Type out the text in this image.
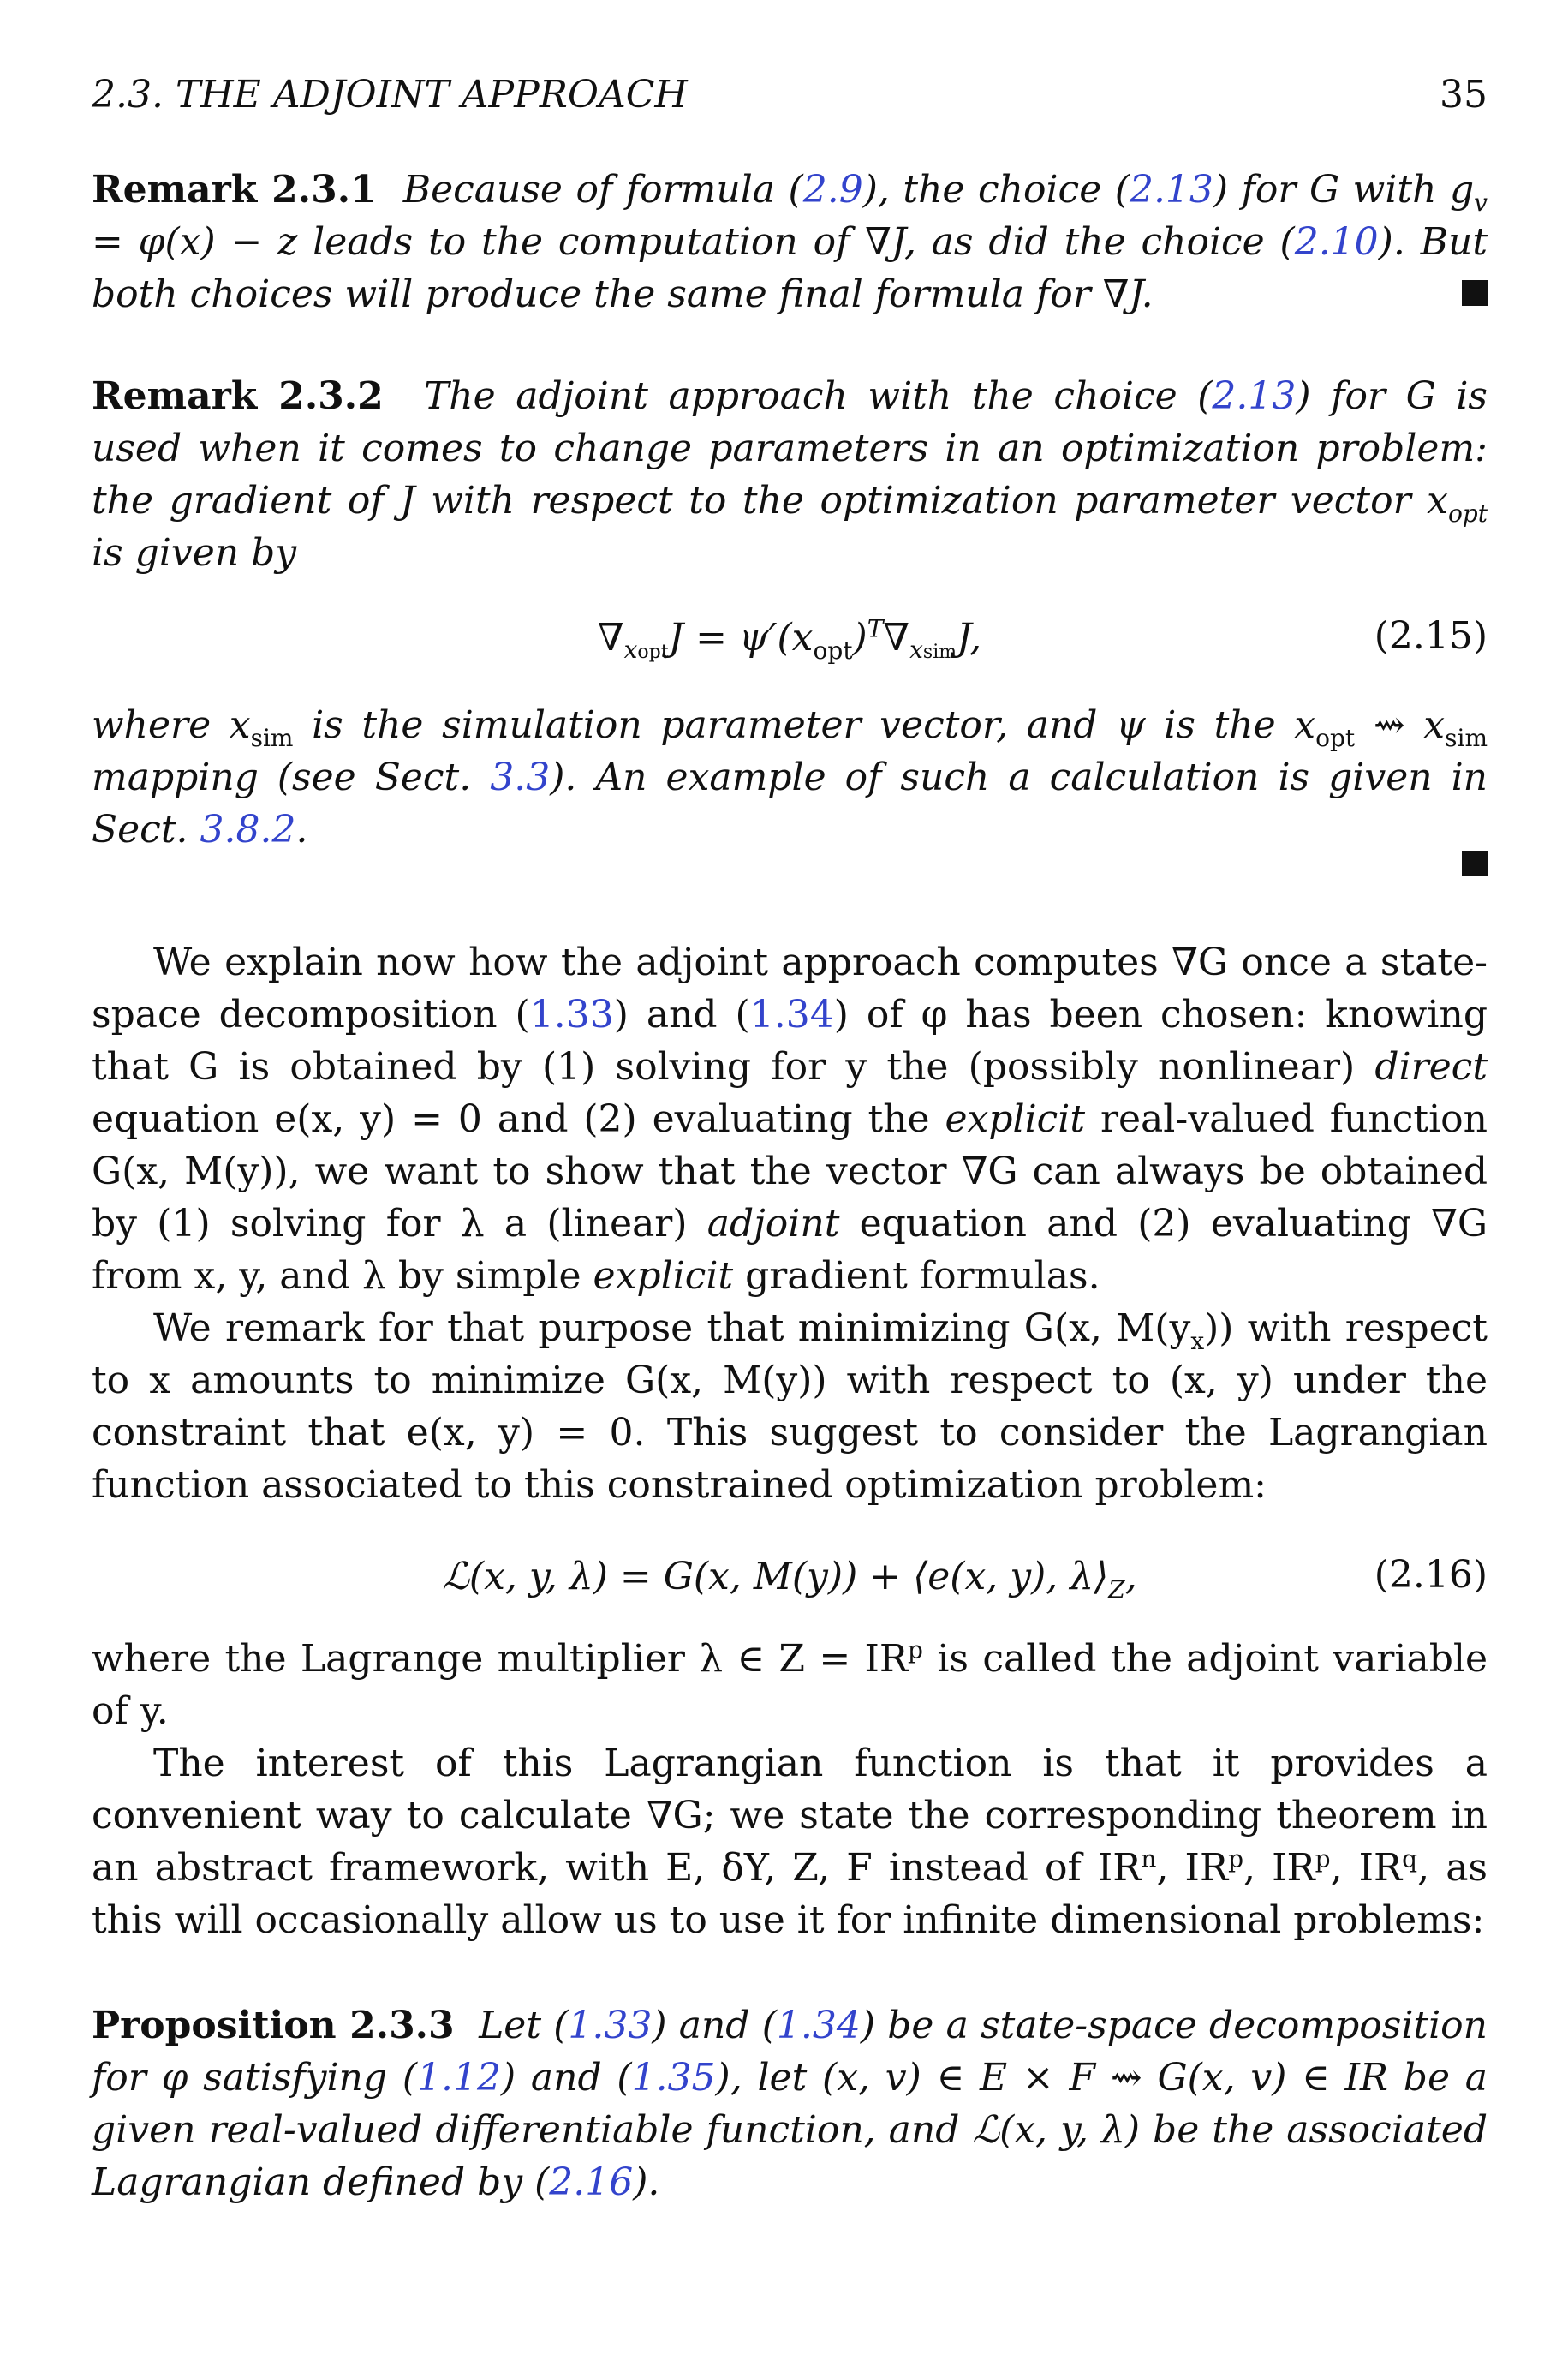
2.3. THE ADJOINT APPROACH	35
Remark 2.3.1 Because of formula (2.9), the choice (2.13) for G with $g_v = \varphi(x) - z$ leads to the computation of ∇J, as did the choice (2.10). But both choices will produce the same final formula for ∇J.
Remark 2.3.2 The adjoint approach with the choice (2.13) for G is used when it comes to change parameters in an optimization problem: the gradient of J with respect to the optimization parameter vector $x_{opt}$ is given by
$\nabla_{xopt}J = \psi'(x_{opt})^T\nabla_{xsim}J$,	(2.15)
where $x_{sim}$ is the simulation parameter vector, and ψ is the $x_{opt}$ ⇝ $x_{sim}$ mapping (see Sect. 3.3). An example of such a calculation is given in Sect. 3.8.2.

We explain now how the adjoint approach computes ∇G once a state-space decomposition (1.33) and (1.34) of φ has been chosen: knowing that G is obtained by (1) solving for y the (possibly nonlinear) direct equation e(x, y) = 0 and (2) evaluating the explicit real-valued function G(x, M(y)), we want to show that the vector ∇G can always be obtained by (1) solving for λ a (linear) adjoint equation and (2) evaluating ∇G from x, y, and λ by simple explicit gradient formulas.

We remark for that purpose that minimizing G(x, $M(y_x)$) with respect to x amounts to minimize G(x, M(y)) with respect to (x, y) under the constraint that e(x, y) = 0. This suggest to consider the Lagrangian function associated to this constrained optimization problem:

ℒ(x, y, λ) = G(x, M(y)) + ⟨e(x, y), $\lambda⟩_Z$,	(2.16)

where the Lagrange multiplier λ ∈ $Z = IR^p$ is called the adjoint variable of y.

The interest of this Lagrangian function is that it provides a convenient way to calculate ∇G; we state the corresponding theorem in an abstract framework, with E, δY, Z, F instead of $IR^n$, $IR^p$, $IR^p$, $IR^q$, as this will occasionally allow us to use it for infinite dimensional problems:

Proposition 2.3.3 Let (1.33) and (1.34) be a state-space decomposition for φ satisfying (1.12) and (1.35), let (x, v) ∈ E × F ⇝ G(x, v) ∈ IR be a given real-valued differentiable function, and ℒ(x, y, λ) be the associated Lagrangian defined by (2.16).
